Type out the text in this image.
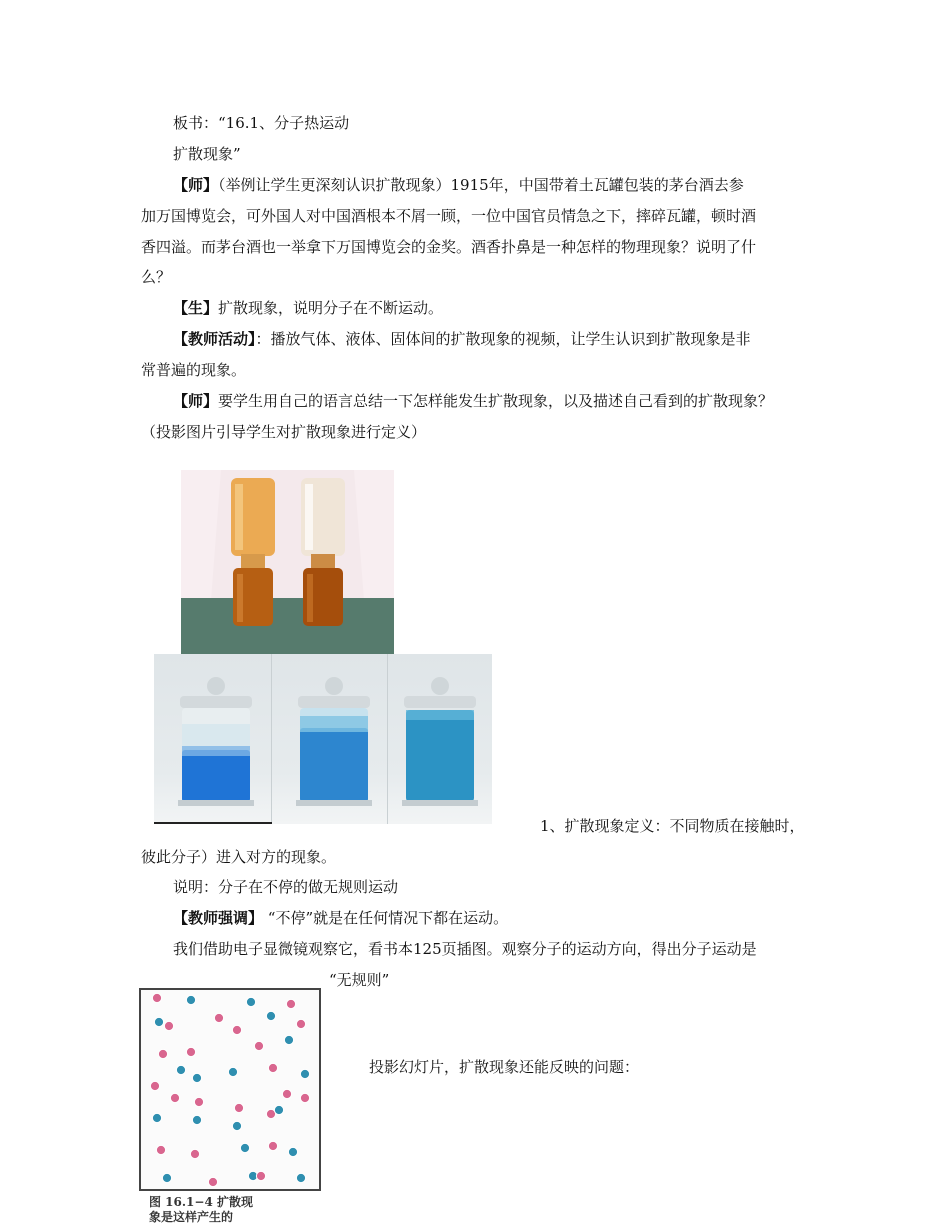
板书：“16.1、分子热运动
扩散现象”
【师】（举例让学生更深刻认识扩散现象）1915年，中国带着土瓦罐包装的茅台酒去参
加万国博览会，可外国人对中国酒根本不屑一顾，一位中国官员情急之下，摔碎瓦罐，顿时酒
香四溢。而茅台酒也一举拿下万国博览会的金奖。酒香扑鼻是一种怎样的物理现象？说明了什
么？
【生】扩散现象，说明分子在不断运动。
【教师活动】：播放气体、液体、固体间的扩散现象的视频，让学生认识到扩散现象是非
常普遍的现象。
【师】要学生用自己的语言总结一下怎样能发生扩散现象，以及描述自己看到的扩散现象？
（投影图片引导学生对扩散现象进行定义）
1、扩散现象定义：不同物质在接触时，
彼此分子）进入对方的现象。
说明：分子在不停的做无规则运动
【教师强调】 “不停”就是在任何情况下都在运动。
我们借助电子显微镜观察它，看书本125页插图。观察分子的运动方向，得出分子运动是
“无规则”
图 16.1−4 扩散现
象是这样产生的
投影幻灯片，扩散现象还能反映的问题：
